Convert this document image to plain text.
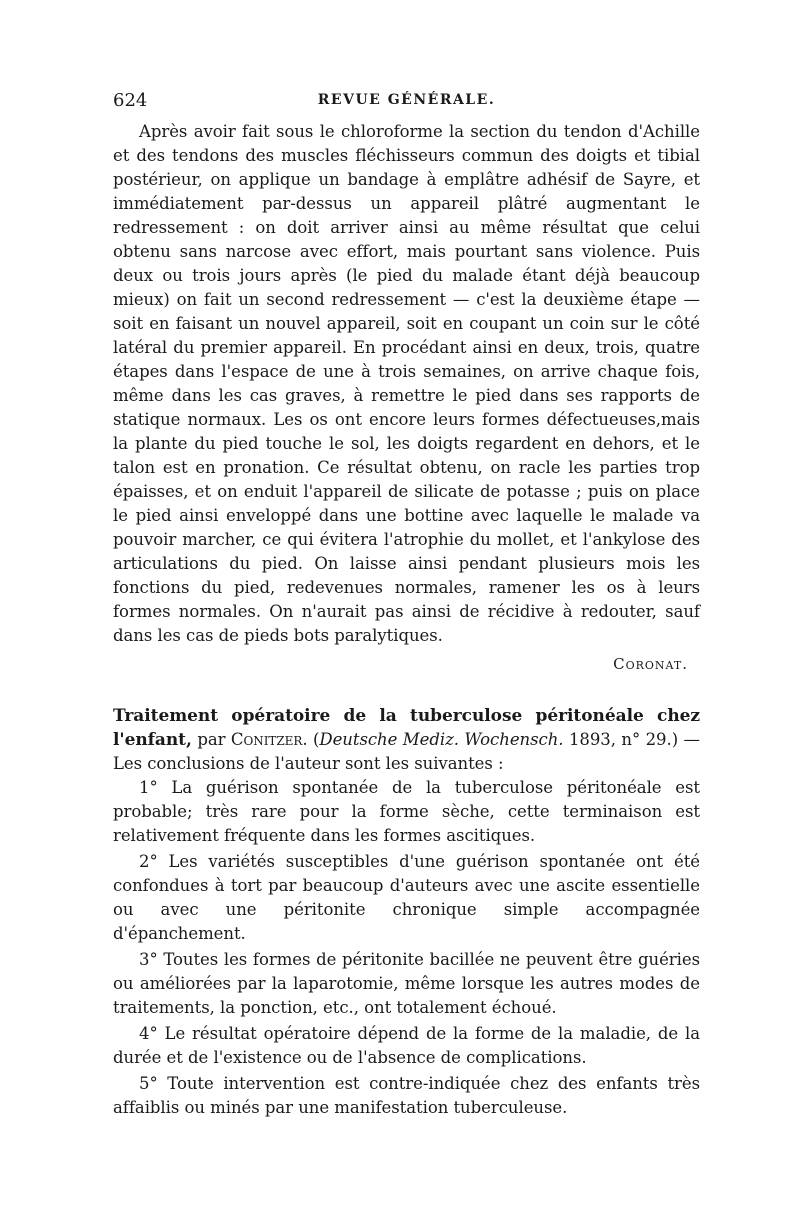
624	REVUE GÉNÉRALE.

Après avoir fait sous le chloroforme la section du tendon d'Achille et des tendons des muscles fléchisseurs commun des doigts et tibial postérieur, on applique un bandage à emplâtre adhésif de Sayre, et immédiatement par-dessus un appareil plâtré augmentant le redressement : on doit arriver ainsi au même résultat que celui obtenu sans narcose avec effort, mais pourtant sans violence. Puis deux ou trois jours après (le pied du malade étant déjà beaucoup mieux) on fait un second redressement — c'est la deuxième étape — soit en faisant un nouvel appareil, soit en coupant un coin sur le côté latéral du premier appareil. En procédant ainsi en deux, trois, quatre étapes dans l'espace de une à trois semaines, on arrive chaque fois, même dans les cas graves, à remettre le pied dans ses rapports de statique normaux. Les os ont encore leurs formes défectueuses,mais la plante du pied touche le sol, les doigts regardent en dehors, et le talon est en pronation. Ce résultat obtenu, on racle les parties trop épaisses, et on enduit l'appareil de silicate de potasse ; puis on place le pied ainsi enveloppé dans une bottine avec laquelle le malade va pouvoir marcher, ce qui évitera l'atrophie du mollet, et l'ankylose des articulations du pied. On laisse ainsi pendant plusieurs mois les fonctions du pied, redevenues normales, ramener les os à leurs formes normales. On n'aurait pas ainsi de récidive à redouter, sauf dans les cas de pieds bots paralytiques.

Coronat.

Traitement opératoire de la tuberculose péritonéale chez l'enfant, par Conitzer. (Deutsche Mediz. Wochensch. 1893, n° 29.) — Les conclusions de l'auteur sont les suivantes :

1° La guérison spontanée de la tuberculose péritonéale est probable; très rare pour la forme sèche, cette terminaison est relativement fréquente dans les formes ascitiques.

2° Les variétés susceptibles d'une guérison spontanée ont été confondues à tort par beaucoup d'auteurs avec une ascite essentielle ou avec une péritonite chronique simple accompagnée d'épanchement.

3° Toutes les formes de péritonite bacillée ne peuvent être guéries ou améliorées par la laparotomie, même lorsque les autres modes de traitements, la ponction, etc., ont totalement échoué.

4° Le résultat opératoire dépend de la forme de la maladie, de la durée et de l'existence ou de l'absence de complications.

5° Toute intervention est contre-indiquée chez des enfants très affaiblis ou minés par une manifestation tuberculeuse.
